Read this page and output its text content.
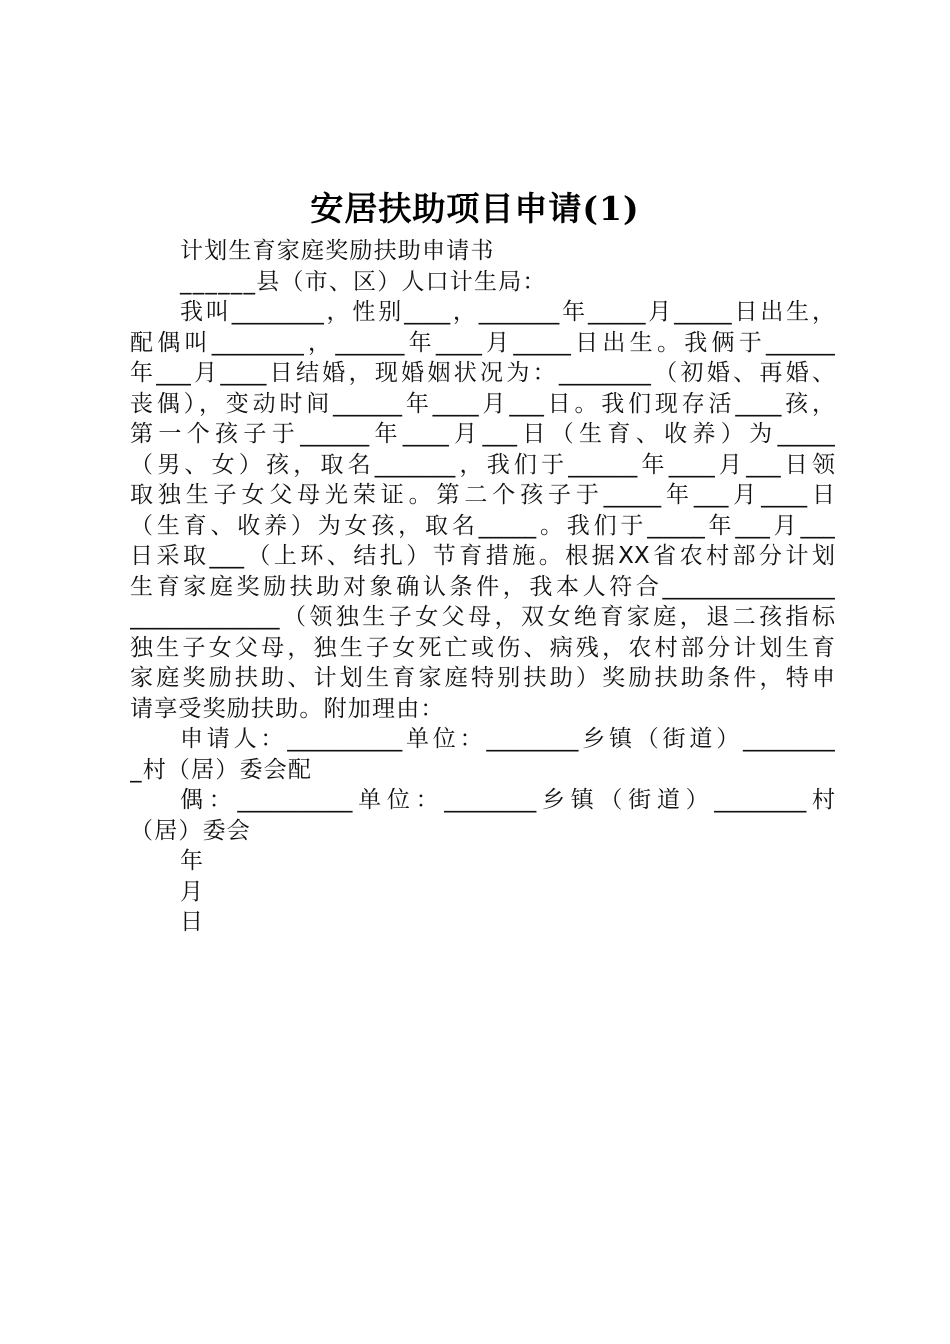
安居扶助项目申请(1)
计划生育家庭奖励扶助申请书
______县（市、区）人口计生局：
我叫________，性别____，_______年_____月_____日出生，
配偶叫________，______年____月_____日出生。我俩于______
年___月____日结婚，现婚姻状况为：________（初婚、再婚、
丧偶），变动时间______年____月___日。我们现存活____孩，
第一个孩子于______年____月___日（生育、收养）为_____
（男、女）孩，取名_______，我们于______年____月___日领
取独生子女父母光荣证。第二个孩子于_____年___月____日
（生育、收养）为女孩，取名_____。我们于_____年___月___
日采取___（上环、结扎）节育措施。根据XX省农村部分计划
生育家庭奖励扶助对象确认条件，我本人符合_______________
_____________（领独生子女父母，双女绝育家庭，退二孩指标
独生子女父母，独生子女死亡或伤、病残，农村部分计划生育
家庭奖励扶助、计划生育家庭特别扶助）奖励扶助条件，特申
请享受奖励扶助。附加理由：
申请人：__________单位：________乡镇（街道）________
_村（居）委会配
偶：__________单位：________乡镇（街道）________村
（居）委会
年
月
日
